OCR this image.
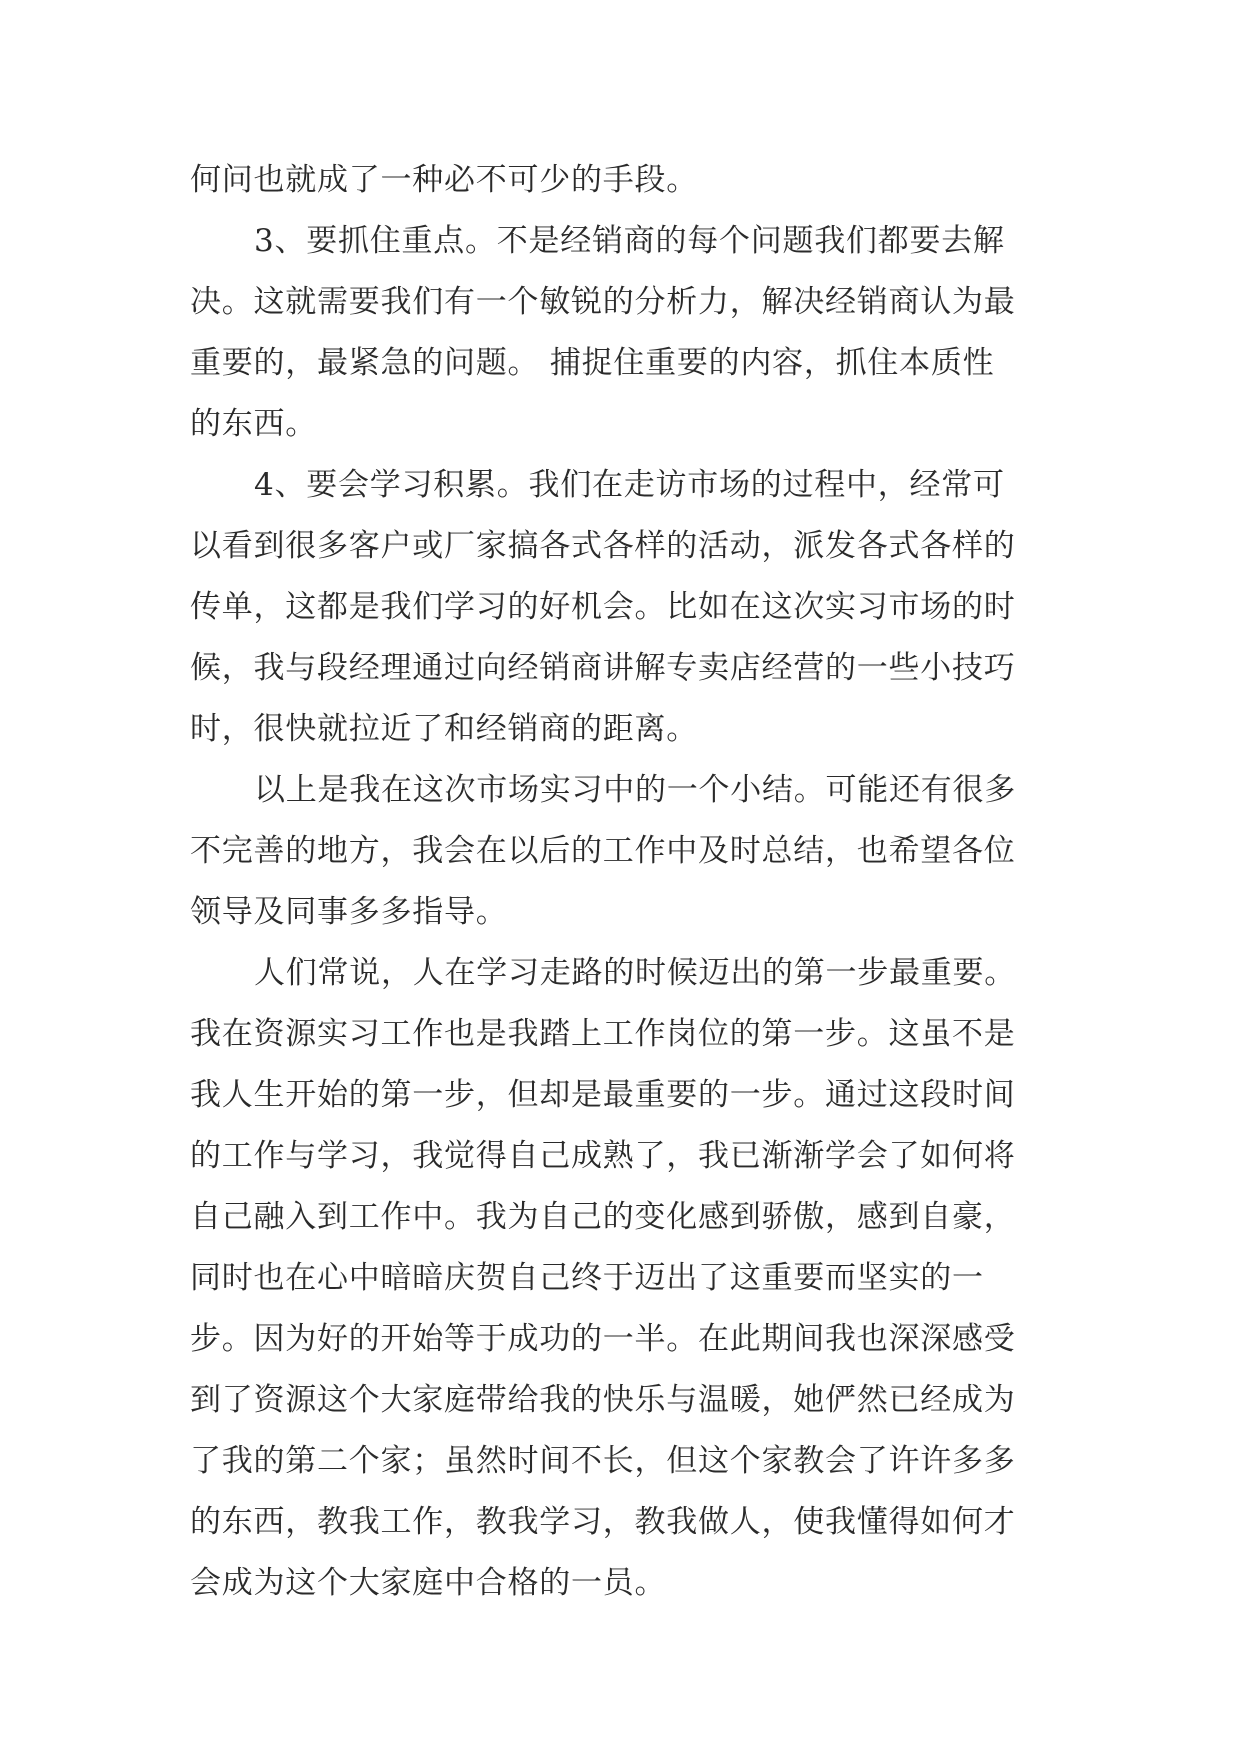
何问也就成了一种必不可少的手段。
3、要抓住重点。不是经销商的每个问题我们都要去解
决。这就需要我们有一个敏锐的分析力，解决经销商认为最
重要的，最紧急的问题。 捕捉住重要的内容，抓住本质性
的东西。
4、要会学习积累。我们在走访市场的过程中，经常可
以看到很多客户或厂家搞各式各样的活动，派发各式各样的
传单，这都是我们学习的好机会。比如在这次实习市场的时
候，我与段经理通过向经销商讲解专卖店经营的一些小技巧
时，很快就拉近了和经销商的距离。
以上是我在这次市场实习中的一个小结。可能还有很多
不完善的地方，我会在以后的工作中及时总结，也希望各位
领导及同事多多指导。
人们常说，人在学习走路的时候迈出的第一步最重要。
我在资源实习工作也是我踏上工作岗位的第一步。这虽不是
我人生开始的第一步，但却是最重要的一步。通过这段时间
的工作与学习，我觉得自己成熟了，我已渐渐学会了如何将
自己融入到工作中。我为自己的变化感到骄傲，感到自豪，
同时也在心中暗暗庆贺自己终于迈出了这重要而坚实的一
步。因为好的开始等于成功的一半。在此期间我也深深感受
到了资源这个大家庭带给我的快乐与温暖，她俨然已经成为
了我的第二个家；虽然时间不长，但这个家教会了许许多多
的东西，教我工作，教我学习，教我做人，使我懂得如何才
会成为这个大家庭中合格的一员。
